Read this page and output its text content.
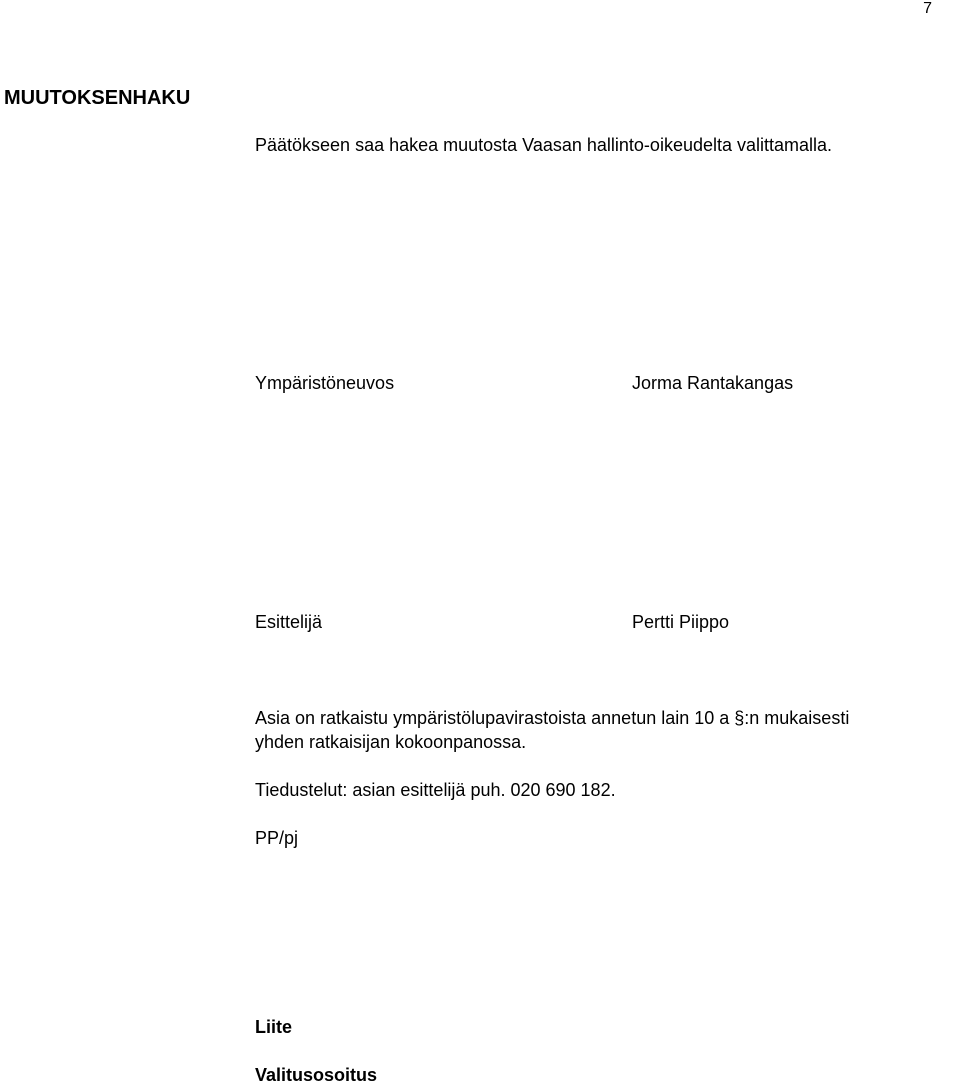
7
MUUTOKSENHAKU

Päätökseen saa hakea muutosta Vaasan hallinto-oikeudelta valittamalla.

Ympäristöneuvos	Jorma Rantakangas

Esittelijä	Pertti Piippo

Asia on ratkaistu ympäristölupavirastoista annetun lain 10 a §:n mukaisesti
yhden ratkaisijan kokoonpanossa.

Tiedustelut: asian esittelijä puh. 020 690 182.

PP/pj

Liite

Valitusosoitus
